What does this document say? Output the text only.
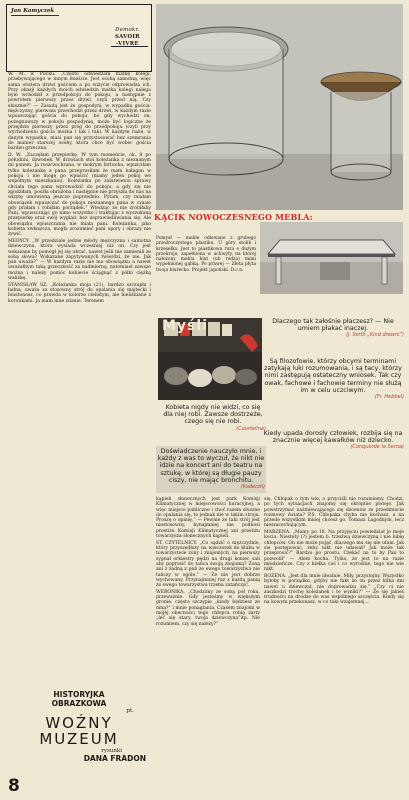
Jan Kamyczek
Demokr.
SAVOIR
-VIVRE

W. M. w Pucku. „Często odwiedzam matkę kolegi, przebywającego w innym mieście. Jest osobą samotną, więc sama otwiera drzwi gościom a po wizycie odprowadza ich. Przy okazji każdych moich odwiedzin matka kolegi nalega bym wchodził z przedpokoju do pokoju, a następnie z powrotem pierwszy przez drzwi, czyli przed nią. Czy słusznie?” — Zasadą jest że gospodyni, w wypadku gościa-mężczyzny, pierwsza przechodzi przez drzwi, w każdym razie wpuszczając gościa do pokoju, bo gdy wychodzi on, pożegnawszy w pokoju gospodynię, może być logiczne że przejdzie pierwszy przez próg do przedpokoju (czyli przy wychodzeniu gościa można i tak i tak). W każdym razie, w danym wypadku, musi pan się przystosować bez szemrania do manier starszej osoby, która chce być wobec gościa bardzo grzeczna.

D. W. „Zaczęłam przepierkę. W tym momencie, ok. 8 po południu, dzwonek. W drzwiach stoi koleżanka z nieznanym mi panem. Ja roszczochrana, w mokrym fartuchu, wpuściłam tylko koleżankę a pana przeprosiłam że mam bałagan w pokoju i nie mogę go wpuścić (mamy jeden pokój we współnym mieszkaniu). Koleżanka po załatwieniu sprawy chciała tego pana wprowadzić do pokoju, a gdy się nie zgodziłam, poszła obrażona i następnie nie przyszła do nas na wizytę umówioną jeszcze poprzednio. Pytam, czy miałam obowiązek wpuszczać do pokoju nieznanego pana w czasie gdy prałam i robiłam porządek.” Wiedząc że nie zrobiłaby Pani, wpuszczając go nimo wszystko i traktując z wyszukaną przepierkę oraz swój wygląd, bez usprawiedliwiania się. Ale obowiązku wpuszczania nie miała pani. Koleżanka, jako kobieta zwłaszcza, mogła zrozumieć pani opory i obrazy nie żywić.

MEDYCY. „W przedziale jedzie młody mężczyzna i samotna dziewczyna, która wysiada wcześniej niż on. Czy jest wskazane by pomógł jej się ubrać, nawet jeśli nie zamienili ze sobą słowa? Wskazane zapytywanych twierdzi, że nie. Jak pan uważa?” — W każdym razie nie ma obowiązku a nawet uważałbym taką grzeczność za nadmierną, natomiast zawsze można i należy pomóc kobiecie ściągnąć z półki ciężką walizkę.

STANISŁAW SZ. „Koleżanka moja (21), bardzo szczupła i ładna, uważa za stosowny strój do opalania się majtecki i biustonosz, co prawda w kolorze cielistym, ale bieliźniane z koronkami. Ja mam inne zdanie. Terenem

KĄCIK NOWOCZESNEGO MEBLA:
Pomysł — meble odlewane z grubego przeźroczystego plastiku. U góry stolik i krzesełko. Jest to plastikowa rura o dużym przekroju, zapełniona w uchwyty, na której nałożony mebla blat (ub rodza) mimi wypełnionej gąbką. Po prawej — Złeta płyta twoja biurecko. Projekt japoński. D.c.n.
Myśli
Kobieta nigdy nie widzi, co się dla niej robi. Zawsze dostrzeże, czego się nie robi.
(Courteline)
Doświadczenie nauczyło mnie, i każdy z was to wyczuł, że nikt nie idzie na koncert ani do teatru na sztukę, w której są długie pauzy ciszy, nie mając bronchitu.
(Kaderzh)
Dlaczego tak żałośnie płaczesz? — Nie umiem płakać inaczej.
(J. Ilerth „Kind drewni”)
Są filozofowie, którzy obcymi terminami zatykają luki rozumowania, i są tacy, którzy nimi zastępują ostateczny wniosek. Tak czy owak, fachowe i fachowie terminy nie służą im w celu uczciwym.
(Fr. Hebbel)
Kiedy upada dorosły człowiek, rozbija się na znacznie więcej kawałków niż dziecko.
(Conquerde la Serna)

kąpieli słonecznych jest park Komisji Klimatycznej w miejscowości kuracyjnej, a więc miejsce publiczne i choć razem słuszne do opalania się, to jednak nie w takim stroju. Proszę o opinię.” — Pewnie że taki strój jest niestosowny, bynajmniej nie podnosi prestiżu Komisji Klimatycznej ani prestiżu towarzysza słonecznych kąpieli.

ST. CZYTELNICY. „Co sądzić o mężczyźnie, który przyszedłszy na wieczorek do klubu w towarzystwie żony i znajomych, na pierwszy sygnał orkiestry pędzi na drugi koniec sali aby poprosić do tańca swoją znajomą? Żoną ani z żadną z pań ze swego towarzystwa nie tańczy w ogóle.” — Że nie jest dobrze wychowany. Przynajmniej raz z każdą panią ze swego towarzystwa trzeba zatańczyć.

WERONIKA. „Chodzimy ze sobą pół roku, przeważnie. Gdy jesteśmy w większym gronie, często szczypie „kiedy będziesz ze mną?” i mnie ponaglania. Czasem znajomi w mojej obecności tego chłopca robią żarty „leć się stary, twoja dziewczyna”itp. Nie rozumiem, czy się należy?”

się. Chłopak o tym wie, o przyciśli nie rozumiemy. Chodzi, po tych sytuacjach znajomy się okropnie ploteje. Jak powstrzymać naśmiewającego się oboenów ze przedmiocie rozmowy świata? P.S. Chłopaka chyba nie kochasz, a na przede wszystkim mniej chcesz go. Tomasz Lagodnym, lecz nieszacechującym.

MARZENA. „Mamy po 18. Na przyjęciu powiedział je moje kocia. Niestety (?) jestem b. trzeźwą dziewczyną i nie lubię chłopców. On nie może pojąć, dlaczego mu się nie ufam. Jak sie postępować, żeby nikt nie udawał? Jak może tak przeprosić?” Bardzo po prostu. Czekać na to by Pan to pozwolił” — Alem kocha. Tylko, że jest to na razie młodzieńcze, Czy z kiełka coś i co wyrośnie, tego nie wie nikt.

BOŻENA. „Jest dla mnie idealnie. Miły, przystojny. Wszystko byłoby w porządku, gdyby nie fakt że on przez kilka dni nawet u dziewczat, nie doprowadza się.” „Czy ci nie zaszkodzi trochę koleżanek i te wyniki?” — Że się jakieś trudności na drodze do was wspólnego szczęścia. Kiedy się na kowym przekonasz, w co taki wzajemnej...

HISTORYJKA
OBRAZKOWA
pt.
WOŹNY
MUZEUM
rysunki
DANA FRADON
8
